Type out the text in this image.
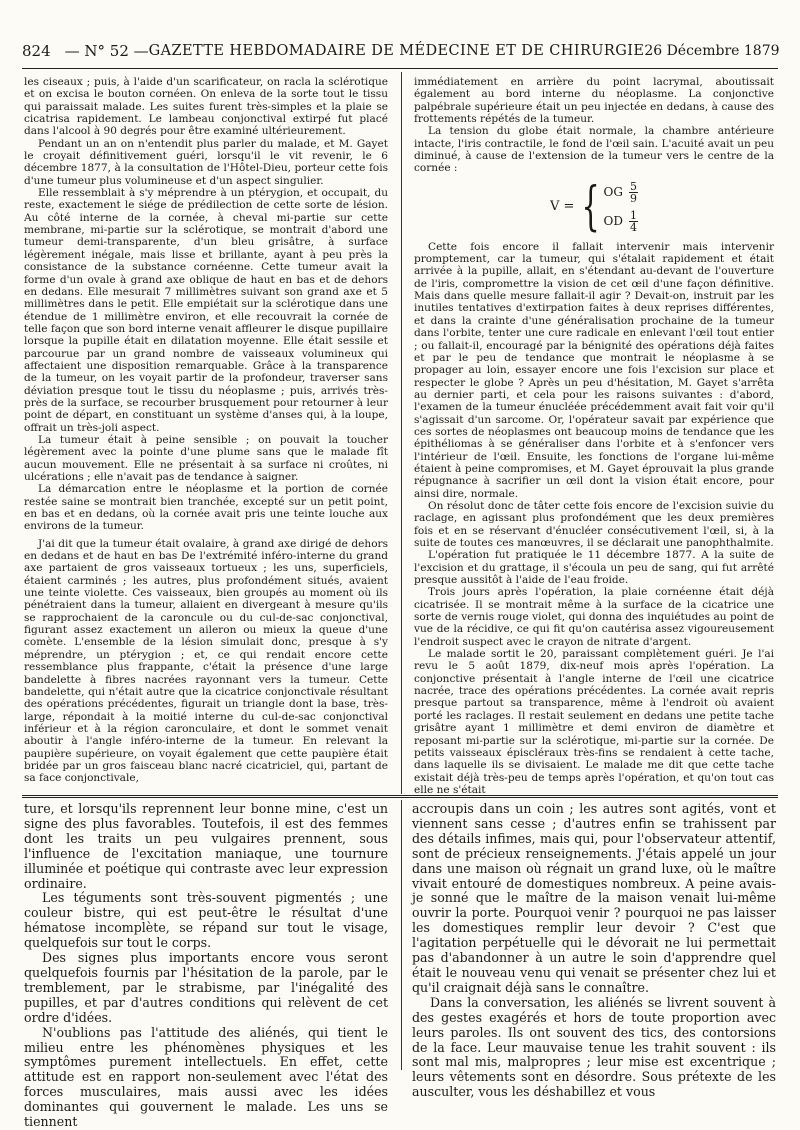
824 — N° 52 — GAZETTE HEBDOMADAIRE DE MÉDECINE ET DE CHIRURGIE 26 Décembre 1879

les ciseaux ; puis, à l'aide d'un scarificateur, on racla la sclérotique et on excisa le bouton cornéen. On enleva de la sorte tout le tissu qui paraissait malade. Les suites furent très-simples et la plaie se cicatrisa rapidement. Le lambeau conjonctival extirpé fut placé dans l'alcool à 90 degrés pour être examiné ultérieurement.

Pendant un an on n'entendit plus parler du malade, et M. Gayet le croyait définitivement guéri, lorsqu'il le vit revenir, le 6 décembre 1877, à la consultation de l'Hôtel-Dieu, porteur cette fois d'une tumeur plus volumineuse et d'un aspect singulier.

Elle ressemblait à s'y méprendre à un ptérygion, et occupait, du reste, exactement le siége de prédilection de cette sorte de lésion. Au côté interne de la cornée, à cheval mi-partie sur cette membrane, mi-partie sur la sclérotique, se montrait d'abord une tumeur demi-transparente, d'un bleu grisâtre, à surface légèrement inégale, mais lisse et brillante, ayant à peu près la consistance de la substance cornéenne. Cette tumeur avait la forme d'un ovale à grand axe oblique de haut en bas et de dehors en dedans. Elle mesurait 7 millimètres suivant son grand axe et 5 millimètres dans le petit. Elle empiétait sur la sclérotique dans une étendue de 1 millimètre environ, et elle recouvrait la cornée de telle façon que son bord interne venait affleurer le disque pupillaire lorsque la pupille était en dilatation moyenne. Elle était sessile et parcourue par un grand nombre de vaisseaux volumineux qui affectaient une disposition remarquable. Grâce à la transparence de la tumeur, on les voyait partir de la profondeur, traverser sans déviation presque tout le tissu du néoplasme ; puis, arrivés très-près de la surface, se recourber brusquement pour retourner à leur point de départ, en constituant un système d'anses qui, à la loupe, offrait un très-joli aspect.

La tumeur était à peine sensible ; on pouvait la toucher légèrement avec la pointe d'une plume sans que le malade fît aucun mouvement. Elle ne présentait à sa surface ni croûtes, ni ulcérations ; elle n'avait pas de tendance à saigner.

La démarcation entre le néoplasme et la portion de cornée restée saine se montrait bien tranchée, excepté sur un petit point, en bas et en dedans, où la cornée avait pris une teinte louche aux environs de la tumeur.

J'ai dit que la tumeur était ovalaire, à grand axe dirigé de dehors en dedans et de haut en bas De l'extrémité inféro-interne du grand axe partaient de gros vaisseaux tortueux ; les uns, superficiels, étaient carminés ; les autres, plus profondément situés, avaient une teinte violette. Ces vaisseaux, bien groupés au moment où ils pénétraient dans la tumeur, allaient en divergeant à mesure qu'ils se rapprochaient de la caroncule ou du cul-de-sac conjonctival, figurant assez exactement un aileron ou mieux la queue d'une comète. L'ensemble de la lésion simulait donc, presque à s'y méprendre, un ptérygion ; et, ce qui rendait encore cette ressemblance plus frappante, c'était la présence d'une large bandelette à fibres nacrées rayonnant vers la tumeur. Cette bandelette, qui n'était autre que la cicatrice conjonctivale résultant des opérations précédentes, figurait un triangle dont la base, très-large, répondait à la moitié interne du cul-de-sac conjonctival inférieur et à la région caronculaire, et dont le sommet venait aboutir à l'angle inféro-interne de la tumeur. En relevant la paupière supérieure, on voyait également que cette paupière était bridée par un gros faisceau blanc nacré cicatriciel, qui, partant de sa face conjonctivale,

immédiatement en arrière du point lacrymal, aboutissait également au bord interne du néoplasme. La conjonctive palpébrale supérieure était un peu injectée en dedans, à cause des frottements répétés de la tumeur.

La tension du globe était normale, la chambre antérieure intacte, l'iris contractile, le fond de l'œil sain. L'acuité avait un peu diminué, à cause de l'extension de la tumeur vers le centre de la cornée :

V = { OG $\frac{5}{9}$
OD $\frac{1}{4}$

Cette fois encore il fallait intervenir mais intervenir promptement, car la tumeur, qui s'étalait rapidement et était arrivée à la pupille, allait, en s'étendant au-devant de l'ouverture de l'iris, compromettre la vision de cet œil d'une façon définitive. Mais dans quelle mesure fallait-il agir ? Devait-on, instruit par les inutiles tentatives d'extirpation faites à deux reprises différentes, et dans la crainte d'une généralisation prochaine de la tumeur dans l'orbite, tenter une cure radicale en enlevant l'œil tout entier ; ou fallait-il, encouragé par la bénignité des opérations déjà faites et par le peu de tendance que montrait le néoplasme à se propager au loin, essayer encore une fois l'excision sur place et respecter le globe ? Après un peu d'hésitation, M. Gayet s'arrêta au dernier parti, et cela pour les raisons suivantes : d'abord, l'examen de la tumeur énucléée précédemment avait fait voir qu'il s'agissait d'un sarcome. Or, l'opérateur savait par expérience que ces sortes de néoplasmes ont beaucoup moins de tendance que les épithéliomas à se généraliser dans l'orbite et à s'enfoncer vers l'intérieur de l'œil. Ensuite, les fonctions de l'organe lui-même étaient à peine compromises, et M. Gayet éprouvait la plus grande répugnance à sacrifier un œil dont la vision était encore, pour ainsi dire, normale.

On résolut donc de tâter cette fois encore de l'excision suivie du raclage, en agissant plus profondément que les deux premières fois et en se réservant d'énucléer consécutivement l'œil, si, à la suite de toutes ces manœuvres, il se déclarait une panophthalmite.

L'opération fut pratiquée le 11 décembre 1877. A la suite de l'excision et du grattage, il s'écoula un peu de sang, qui fut arrêté presque aussitôt à l'aide de l'eau froide.

Trois jours après l'opération, la plaie cornéenne était déjà cicatrisée. Il se montrait même à la surface de la cicatrice une sorte de vernis rouge violet, qui donna des inquiétudes au point de vue de la récidive, ce qui fit qu'on cautérisa assez vigoureusement l'endroit suspect avec le crayon de nitrate d'argent.

Le malade sortit le 20, paraissant complètement guéri. Je l'ai revu le 5 août 1879, dix-neuf mois après l'opération. La conjonctive présentait à l'angle interne de l'œil une cicatrice nacrée, trace des opérations précédentes. La cornée avait repris presque partout sa transparence, même à l'endroit où avaient porté les raclages. Il restait seulement en dedans une petite tache grisâtre ayant 1 millimètre et demi environ de diamètre et reposant mi-partie sur la sclérotique, mi-partie sur la cornée. De petits vaisseaux épiscléraux très-fins se rendaient à cette tache, dans laquelle ils se divisaient. Le malade me dit que cette tache existait déjà très-peu de temps après l'opération, et qu'on tout cas elle ne s'était

ture, et lorsqu'ils reprennent leur bonne mine, c'est un signe des plus favorables. Toutefois, il est des femmes dont les traits un peu vulgaires prennent, sous l'influence de l'excitation maniaque, une tournure illuminée et poétique qui contraste avec leur expression ordinaire.

Les téguments sont très-souvent pigmentés ; une couleur bistre, qui est peut-être le résultat d'une hématose incomplète, se répand sur tout le visage, quelquefois sur tout le corps.

Des signes plus importants encore vous seront quelquefois fournis par l'hésitation de la parole, par le tremblement, par le strabisme, par l'inégalité des pupilles, et par d'autres conditions qui relèvent de cet ordre d'idées.

N'oublions pas l'attitude des aliénés, qui tient le milieu entre les phénomènes physiques et les symptômes purement intellectuels. En effet, cette attitude est en rapport non-seulement avec l'état des forces musculaires, mais aussi avec les idées dominantes qui gouvernent le malade. Les uns se tiennent

accroupis dans un coin ; les autres sont agités, vont et viennent sans cesse ; d'autres enfin se trahissent par des détails infimes, mais qui, pour l'observateur attentif, sont de précieux renseignements. J'étais appelé un jour dans une maison où régnait un grand luxe, où le maître vivait entouré de domestiques nombreux. A peine avais-je sonné que le maître de la maison venait lui-même ouvrir la porte. Pourquoi venir ? pourquoi ne pas laisser les domestiques remplir leur devoir ? C'est que l'agitation perpétuelle qui le dévorait ne lui permettait pas d'abandonner à un autre le soin d'apprendre quel était le nouveau venu qui venait se présenter chez lui et qu'il craignait déjà sans le connaître.

Dans la conversation, les aliénés se livrent souvent à des gestes exagérés et hors de toute proportion avec leurs paroles. Ils ont souvent des tics, des contorsions de la face. Leur mauvaise tenue les trahit souvent : ils sont mal mis, malpropres ; leur mise est excentrique ; leurs vêtements sont en désordre. Sous prétexte de les ausculter, vous les déshabillez et vous
